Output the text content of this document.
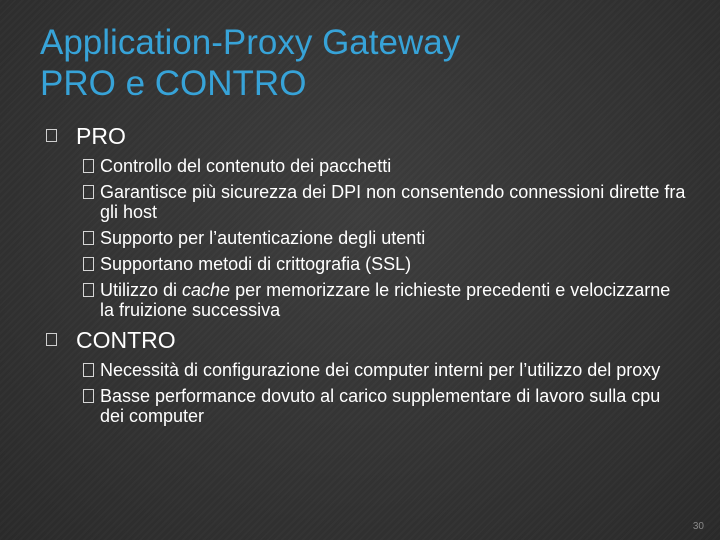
Application-Proxy Gateway
PRO e CONTRO
PRO
Controllo del contenuto dei pacchetti
Garantisce più sicurezza dei DPI non consentendo connessioni dirette fra gli host
Supporto per l’autenticazione degli utenti
Supportano metodi di crittografia (SSL)
Utilizzo di cache per memorizzare le richieste precedenti e velocizzarne la fruizione successiva
CONTRO
Necessità di configurazione dei computer interni per l’utilizzo del proxy
Basse performance dovuto al carico supplementare di lavoro sulla cpu dei computer
30
